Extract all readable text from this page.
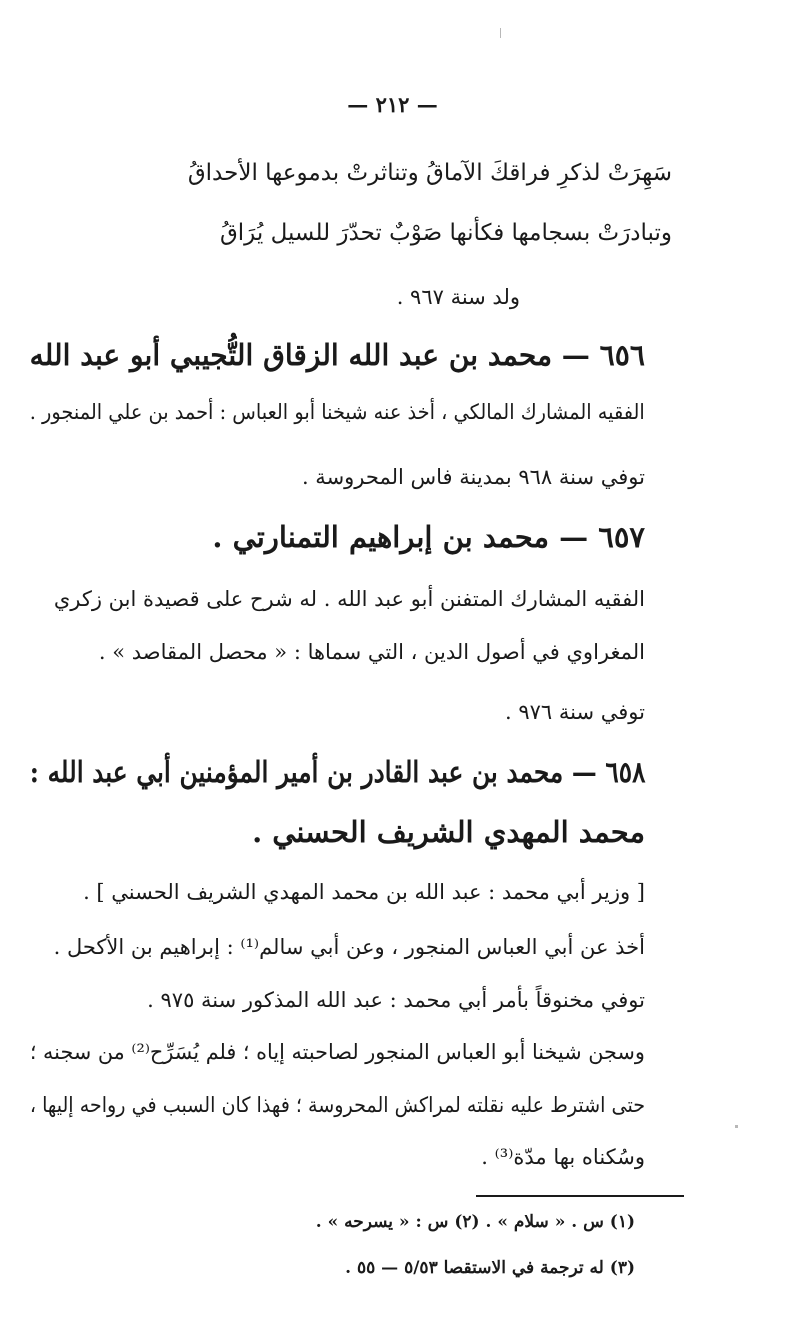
— ٢١٢ —
سَهِرَتْ لذكرِ فراقكَ الآماقُ وتناثرتْ بدموعها الأحداقُ
وتبادرَتْ بسجامها فكأنها صَوْبٌ تحدّرَ للسيل يُرَاقُ
ولد سنة ٩٦٧ .
٦٥٦ — محمد بن عبد الله الزقاق التُّجيبي أبو عبد الله
الفقيه المشارك المالكي ، أخذ عنه شيخنا أبو العباس : أحمد بن علي المنجور .
توفي سنة ٩٦٨ بمدينة فاس المحروسة .
٦٥٧ — محمد بن إبراهيم التمنارتي .
الفقيه المشارك المتفنن أبو عبد الله . له شرح على قصيدة ابن زكري
المغراوي في أصول الدين ، التي سماها : « محصل المقاصد » .
توفي سنة ٩٧٦ .
٦٥٨ — محمد بن عبد القادر بن أمير المؤمنين أبي عبد الله :
محمد المهدي الشريف الحسني .
[ وزير أبي محمد : عبد الله بن محمد المهدي الشريف الحسني ] .
أخذ عن أبي العباس المنجور ، وعن أبي سالم⁽¹⁾ : إبراهيم بن الأكحل .
توفي مخنوقاً بأمر أبي محمد : عبد الله المذكور سنة ٩٧٥ .
وسجن شيخنا أبو العباس المنجور لصاحبته إياه ؛ فلم يُسَرِّح⁽²⁾ من سجنه ؛
حتى اشترط عليه نقلته لمراكش المحروسة ؛ فهذا كان السبب في رواحه إليها ،
وسُكناه بها مدّة⁽³⁾ .
(١) س . « سلام » . (٢) س : « يسرحه » .
(٣) له ترجمة في الاستقصا ٥/٥٣ — ٥٥ .
